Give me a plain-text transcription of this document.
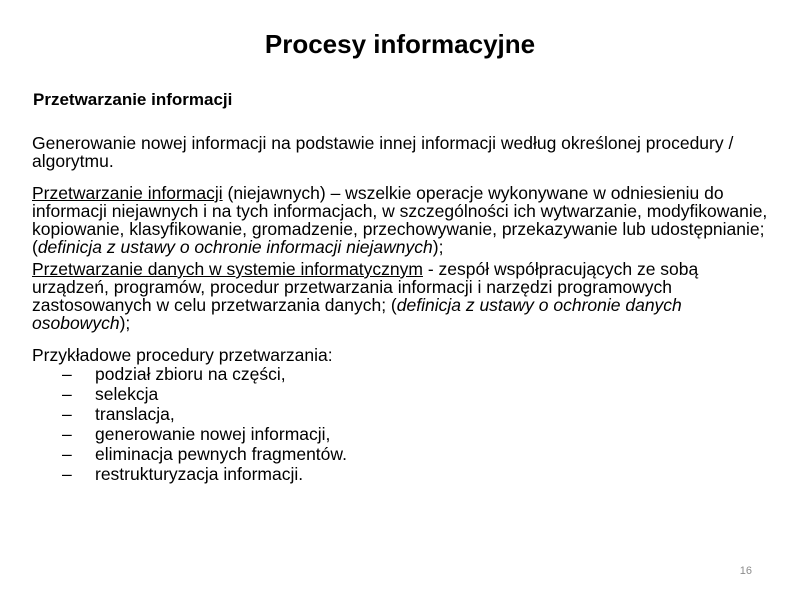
Procesy informacyjne
Przetwarzanie informacji

Generowanie nowej informacji na podstawie innej informacji według określonej procedury / algorytmu.

Przetwarzanie informacji (niejawnych) – wszelkie operacje wykonywane w odniesieniu do informacji niejawnych i na tych informacjach, w szczególności ich wytwarzanie, modyfikowanie, kopiowanie, klasyfikowanie, gromadzenie, przechowywanie, przekazywanie lub udostępnianie; (definicja z ustawy o ochronie informacji niejawnych);

Przetwarzanie danych w systemie informatycznym - zespół współpracujących ze sobą urządzeń, programów, procedur przetwarzania informacji i narzędzi programowych zastosowanych w celu przetwarzania danych; (definicja z ustawy o ochronie danych osobowych);

Przykładowe procedury przetwarzania:

– podział zbioru na części,
– selekcja
– translacja,
– generowanie nowej informacji,
– eliminacja pewnych fragmentów.
– restrukturyzacja informacji.
16
